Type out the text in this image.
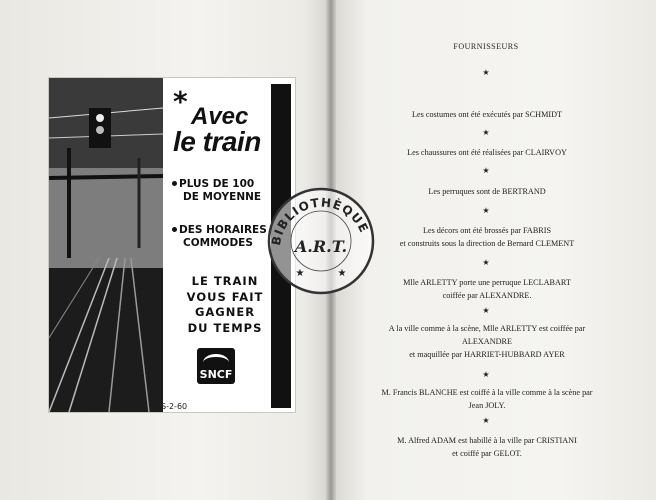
* Avec
le train
PLUS DE 100
DE MOYENNE
DES HORAIRES
COMMODES
LE TRAIN
VOUS FAIT
GAGNER
DU TEMPS
SNCF
S-2-60
FOURNISSEURS
★
Les costumes ont été exécutés par SCHMIDT
★
Les chaussures ont été réalisées par CLAIRVOY
★
Les perruques sont de BERTRAND
★
Les décors ont été brossés par FABRIS
et construits sous la direction de Bernard CLEMENT
★
Mlle ARLETTY porte une perruque LECLABART
coiffée par ALEXANDRE.
★
A la ville comme à la scène, Mlle ARLETTY est coiffée par
ALEXANDRE
et maquillée par HARRIET-HUBBARD AYER
★
M. Francis BLANCHE est coiffé à la ville comme à la scène par
Jean JOLY.
★
M. Alfred ADAM est habillé à la ville par CRISTIANI
et coiffé par GELOT.
BIBLIOTHÈQUE
A.R.T.
★	★
